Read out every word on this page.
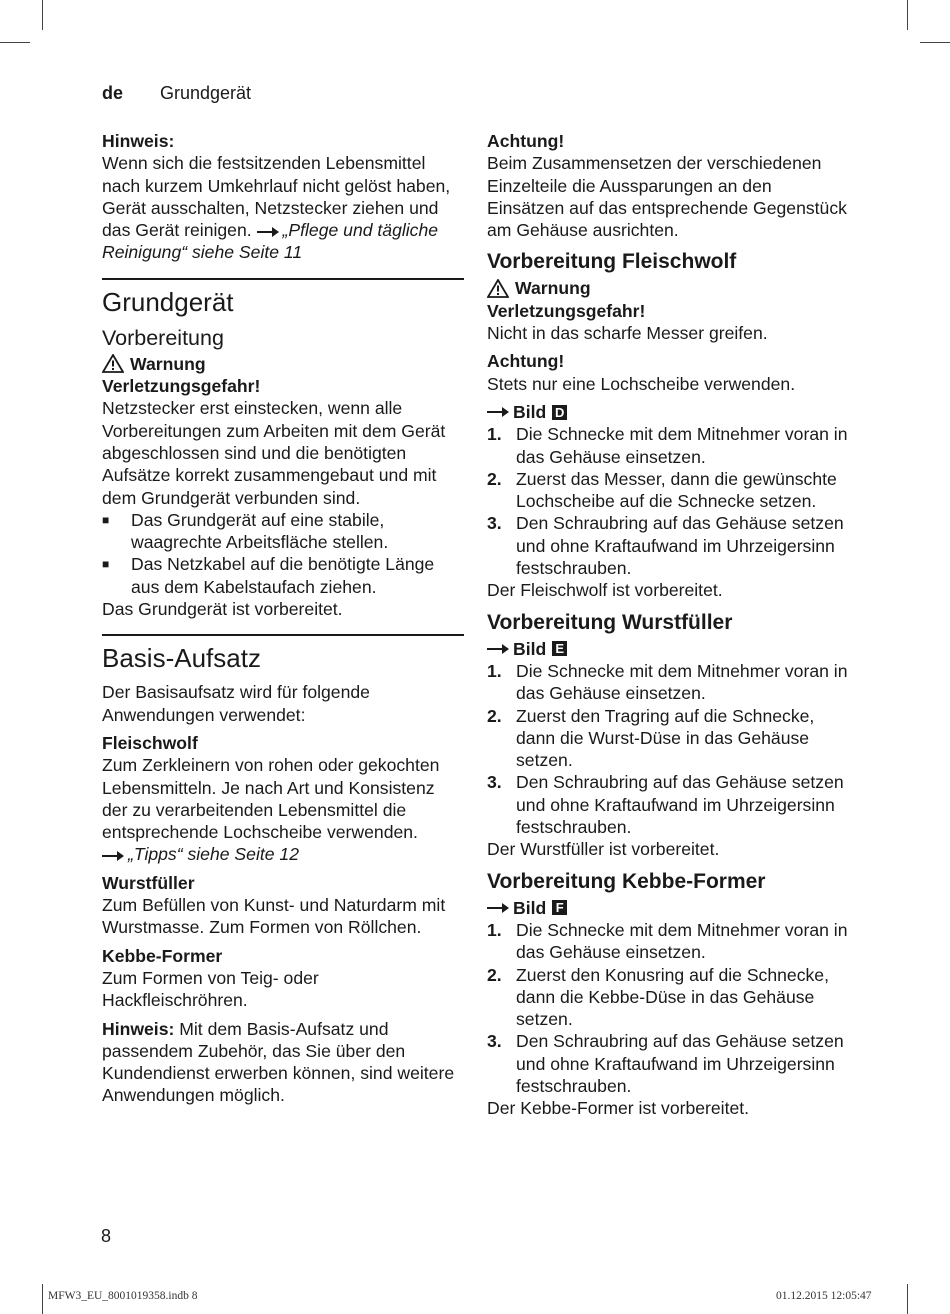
de Grundgerät

Hinweis:

Wenn sich die festsitzenden Lebensmittel nach kurzem Umkehrlauf nicht gelöst haben, Gerät ausschalten, Netzstecker ziehen und das Gerät reinigen. „Pflege und tägliche Reinigung“ siehe Seite 11

Grundgerät
Vorbereitung
Warnung

Verletzungsgefahr!

Netzstecker erst einstecken, wenn alle Vorbereitungen zum Arbeiten mit dem Gerät abgeschlossen sind und die benötigten Aufsätze korrekt zusammengebaut und mit dem Grundgerät verbunden sind.

■ Das Grundgerät auf eine stabile, waagrechte Arbeitsfläche stellen.
■ Das Netzkabel auf die benötigte Länge aus dem Kabelstaufach ziehen.

Das Grundgerät ist vorbereitet.

Basis-Aufsatz

Der Basisaufsatz wird für folgende Anwendungen verwendet:

Fleischwolf

Zum Zerkleinern von rohen oder gekochten Lebensmitteln. Je nach Art und Konsistenz der zu verarbeitenden Lebensmittel die entsprechende Lochscheibe verwenden.

„Tipps“ siehe Seite 12

Wurstfüller

Zum Befüllen von Kunst- und Naturdarm mit Wurstmasse. Zum Formen von Röllchen.

Kebbe-Former

Zum Formen von Teig- oder Hackfleischröhren.

Hinweis: Mit dem Basis-Aufsatz und passendem Zubehör, das Sie über den Kundendienst erwerben können, sind weitere Anwendungen möglich.

Achtung!

Beim Zusammensetzen der verschiedenen Einzelteile die Aussparungen an den Einsätzen auf das entsprechende Gegenstück am Gehäuse ausrichten.

Vorbereitung Fleischwolf
Warnung

Verletzungsgefahr!

Nicht in das scharfe Messer greifen.

Achtung!

Stets nur eine Lochscheibe verwenden.

Bild D
1. Die Schnecke mit dem Mitnehmer voran in das Gehäuse einsetzen.
2. Zuerst das Messer, dann die gewünschte Lochscheibe auf die Schnecke setzen.
3. Den Schraubring auf das Gehäuse setzen und ohne Kraftaufwand im Uhrzeigersinn festschrauben.

Der Fleischwolf ist vorbereitet.

Vorbereitung Wurstfüller
Bild E
1. Die Schnecke mit dem Mitnehmer voran in das Gehäuse einsetzen.
2. Zuerst den Tragring auf die Schnecke, dann die Wurst-Düse in das Gehäuse setzen.
3. Den Schraubring auf das Gehäuse setzen und ohne Kraftaufwand im Uhrzeigersinn festschrauben.

Der Wurstfüller ist vorbereitet.

Vorbereitung Kebbe-Former
Bild F
1. Die Schnecke mit dem Mitnehmer voran in das Gehäuse einsetzen.
2. Zuerst den Konusring auf die Schnecke, dann die Kebbe-Düse in das Gehäuse setzen.
3. Den Schraubring auf das Gehäuse setzen und ohne Kraftaufwand im Uhrzeigersinn festschrauben.

Der Kebbe-Former ist vorbereitet.

8
MFW3_EU_8001019358.indb 8	01.12.2015 12:05:47
